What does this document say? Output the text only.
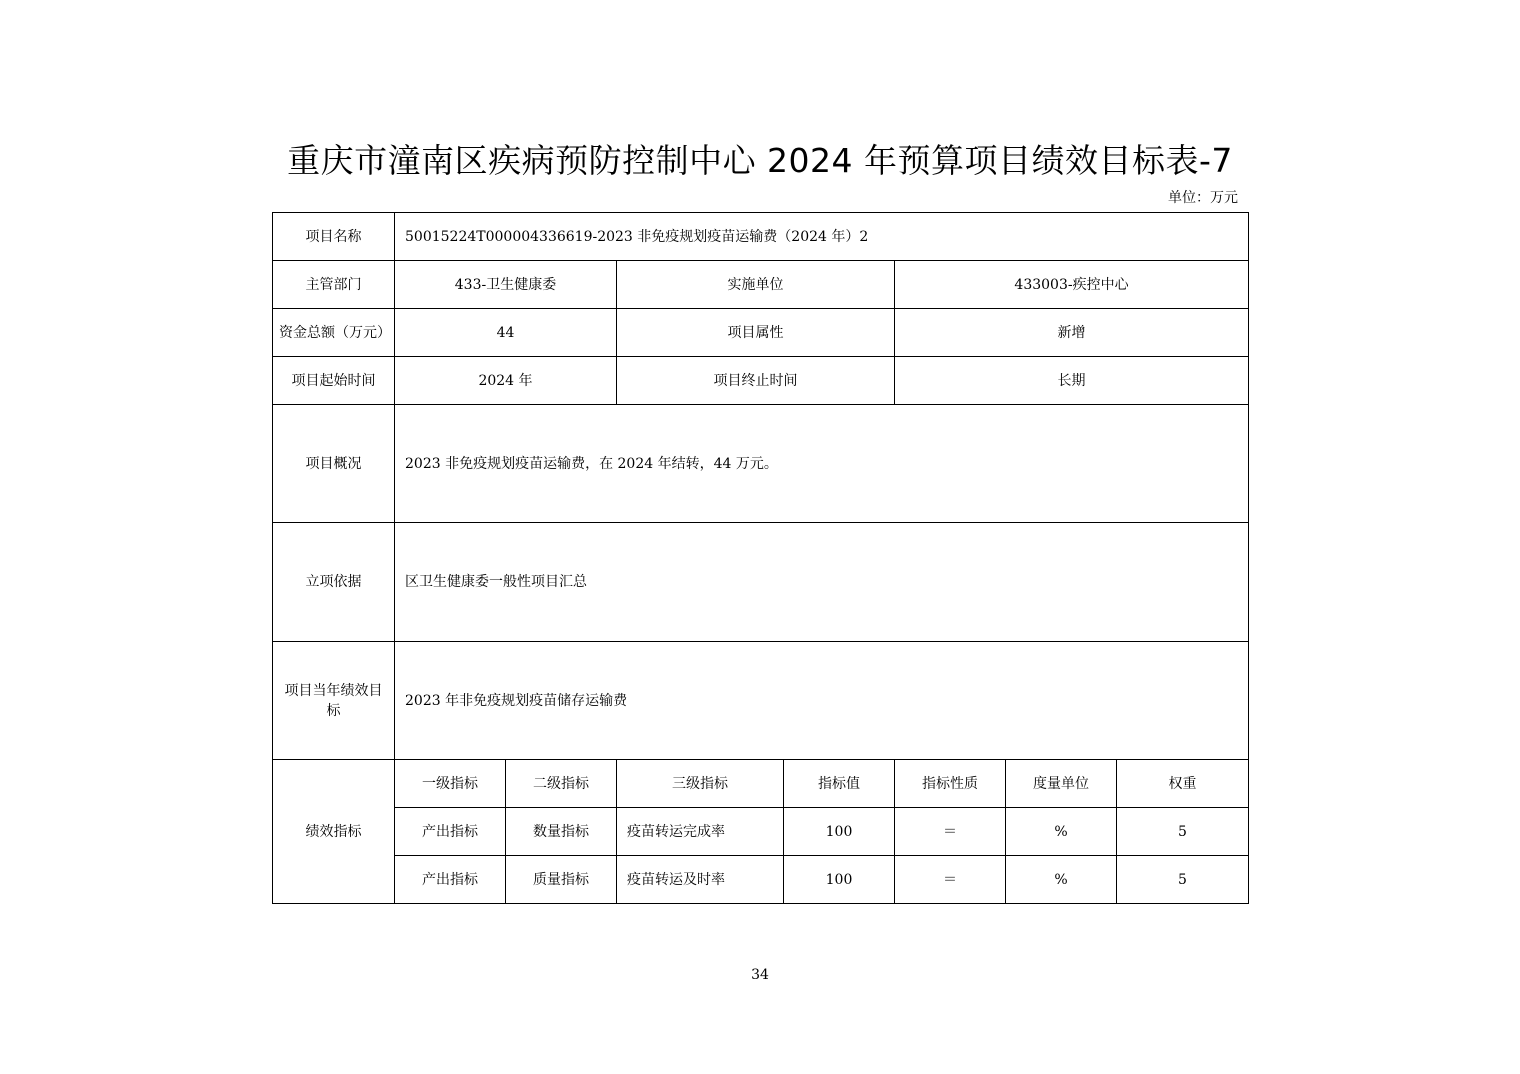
重庆市潼南区疾病预防控制中心 2024 年预算项目绩效目标表-7
单位：万元
项目名称	50015224T000004336619-2023 非免疫规划疫苗运输费（2024 年）2						
主管部门	433-卫生健康委		实施单位		433003-疾控中心		
资金总额（万元）	44		项目属性		新增		
项目起始时间	2024 年		项目终止时间		长期		
项目概况	2023 非免疫规划疫苗运输费，在 2024 年结转，44 万元。						
立项依据	区卫生健康委一般性项目汇总						
项目当年绩效目标	2023 年非免疫规划疫苗储存运输费						
绩效指标	一级指标	二级指标	三级指标	指标值	指标性质	度量单位	权重
	产出指标	数量指标	疫苗转运完成率	100	＝	%	5
	产出指标	质量指标	疫苗转运及时率	100	＝	%	5
34
